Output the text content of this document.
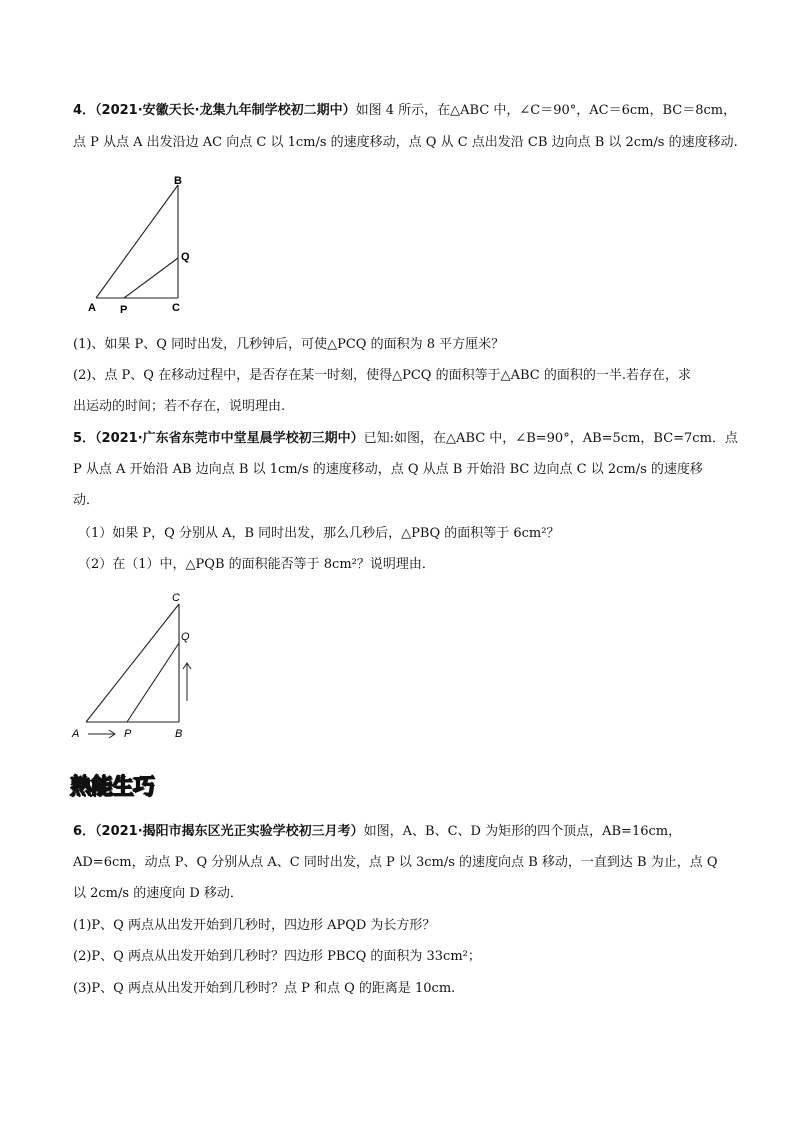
4．（2021·安徽天长·龙集九年制学校初二期中）如图 4 所示，在△ABC 中，∠C＝90°，AC＝6cm，BC＝8cm，
点 P 从点 A 出发沿边 AC 向点 C 以 1cm/s 的速度移动，点 Q 从 C 点出发沿 CB 边向点 B 以 2cm/s 的速度移动.
B
Q
A P	C
(1)、如果 P、Q 同时出发，几秒钟后，可使△PCQ 的面积为 8 平方厘米？
(2)、点 P、Q 在移动过程中，是否存在某一时刻，使得△PCQ 的面积等于△ABC 的面积的一半.若存在，求
出运动的时间；若不存在，说明理由.
5．（2021·广东省东莞市中堂星晨学校初三期中）已知:如图，在△ABC 中，∠B=90°，AB=5cm，BC=7cm．点
P 从点 A 开始沿 AB 边向点 B 以 1cm/s 的速度移动，点 Q 从点 B 开始沿 BC 边向点 C 以 2cm/s 的速度移
动．
（1）如果 P，Q 分别从 A，B 同时出发，那么几秒后，△PBQ 的面积等于 6cm²？
（2）在（1）中，△PQB 的面积能否等于 8cm²？说明理由．
C
Q
A	P	B
熟能生巧
6．（2021·揭阳市揭东区光正实验学校初三月考）如图，A、B、C、D 为矩形的四个顶点，AB=16cm，
AD=6cm，动点 P、Q 分别从点 A、C 同时出发，点 P 以 3cm/s 的速度向点 B 移动，一直到达 B 为止，点 Q
以 2cm/s 的速度向 D 移动．
(1)P、Q 两点从出发开始到几秒时，四边形 APQD 为长方形？
(2)P、Q 两点从出发开始到几秒时？四边形 PBCQ 的面积为 33cm²；
(3)P、Q 两点从出发开始到几秒时？点 P 和点 Q 的距离是 10cm.
